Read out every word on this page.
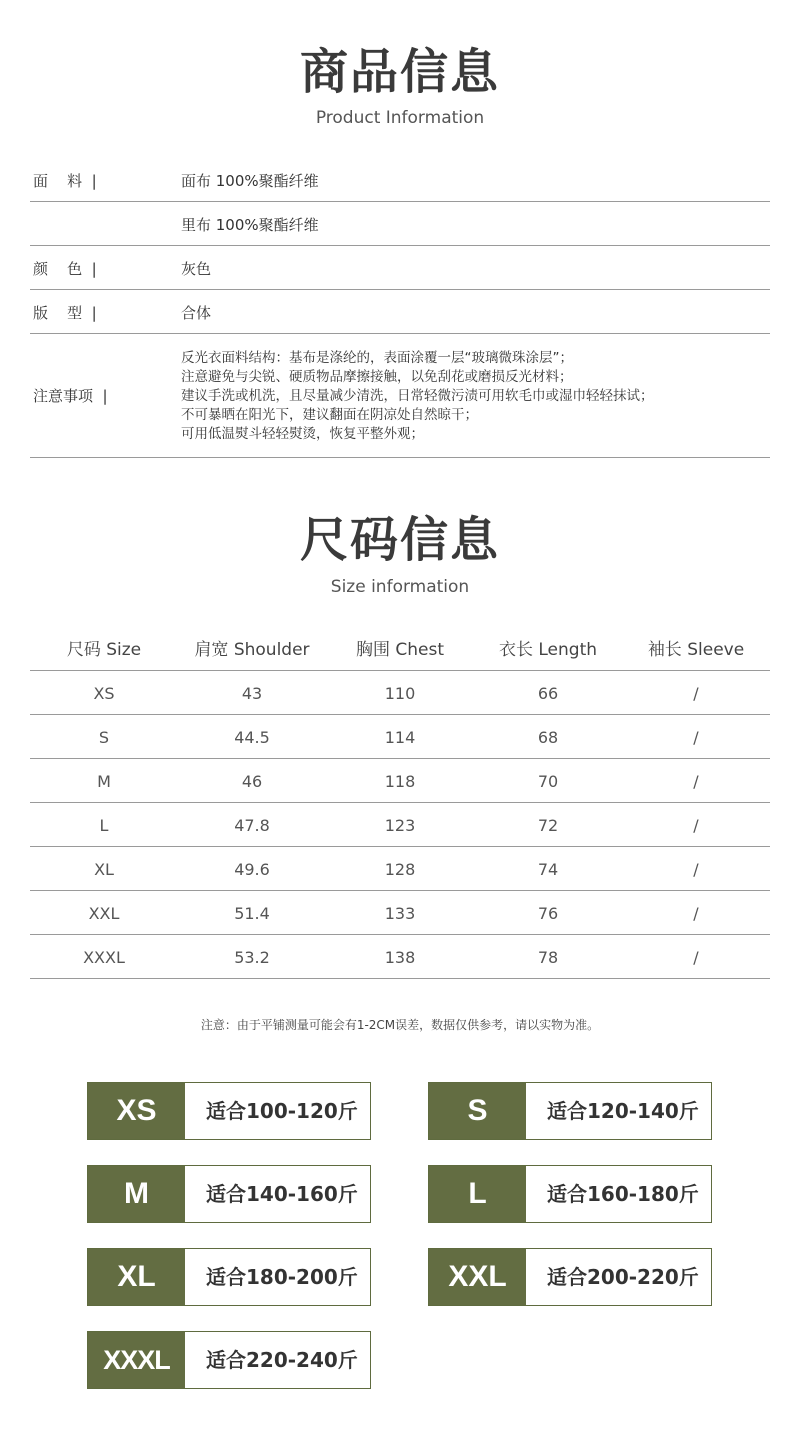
商品信息
Product Information
面    料  |	面布 100%聚酯纤维
里布 100%聚酯纤维
颜    色  |	灰色
版    型  |	合体
注意事项  |
反光衣面料结构：基布是涤纶的，表面涂覆一层“玻璃微珠涂层”；
注意避免与尖锐、硬质物品摩擦接触，以免刮花或磨损反光材料；
建议手洗或机洗，且尽量减少清洗，日常轻微污渍可用软毛巾或湿巾轻轻抹试；
不可暴晒在阳光下，建议翻面在阴凉处自然晾干；
可用低温熨斗轻轻熨烫，恢复平整外观；
尺码信息
Size information
尺码 Size	肩宽 Shoulder	胸围 Chest	衣长 Length	袖长 Sleeve
XS	43	110	66	/
S	44.5	114	68	/
M	46	118	70	/
L	47.8	123	72	/
XL	49.6	128	74	/
XXL	51.4	133	76	/
XXXL	53.2	138	78	/
注意：由于平铺测量可能会有1-2CM误差，数据仅供参考，请以实物为准。
XS	适合100-120斤	S	适合120-140斤
M	适合140-160斤	L	适合160-180斤
XL	适合180-200斤	XXL	适合200-220斤
XXXL	适合220-240斤
